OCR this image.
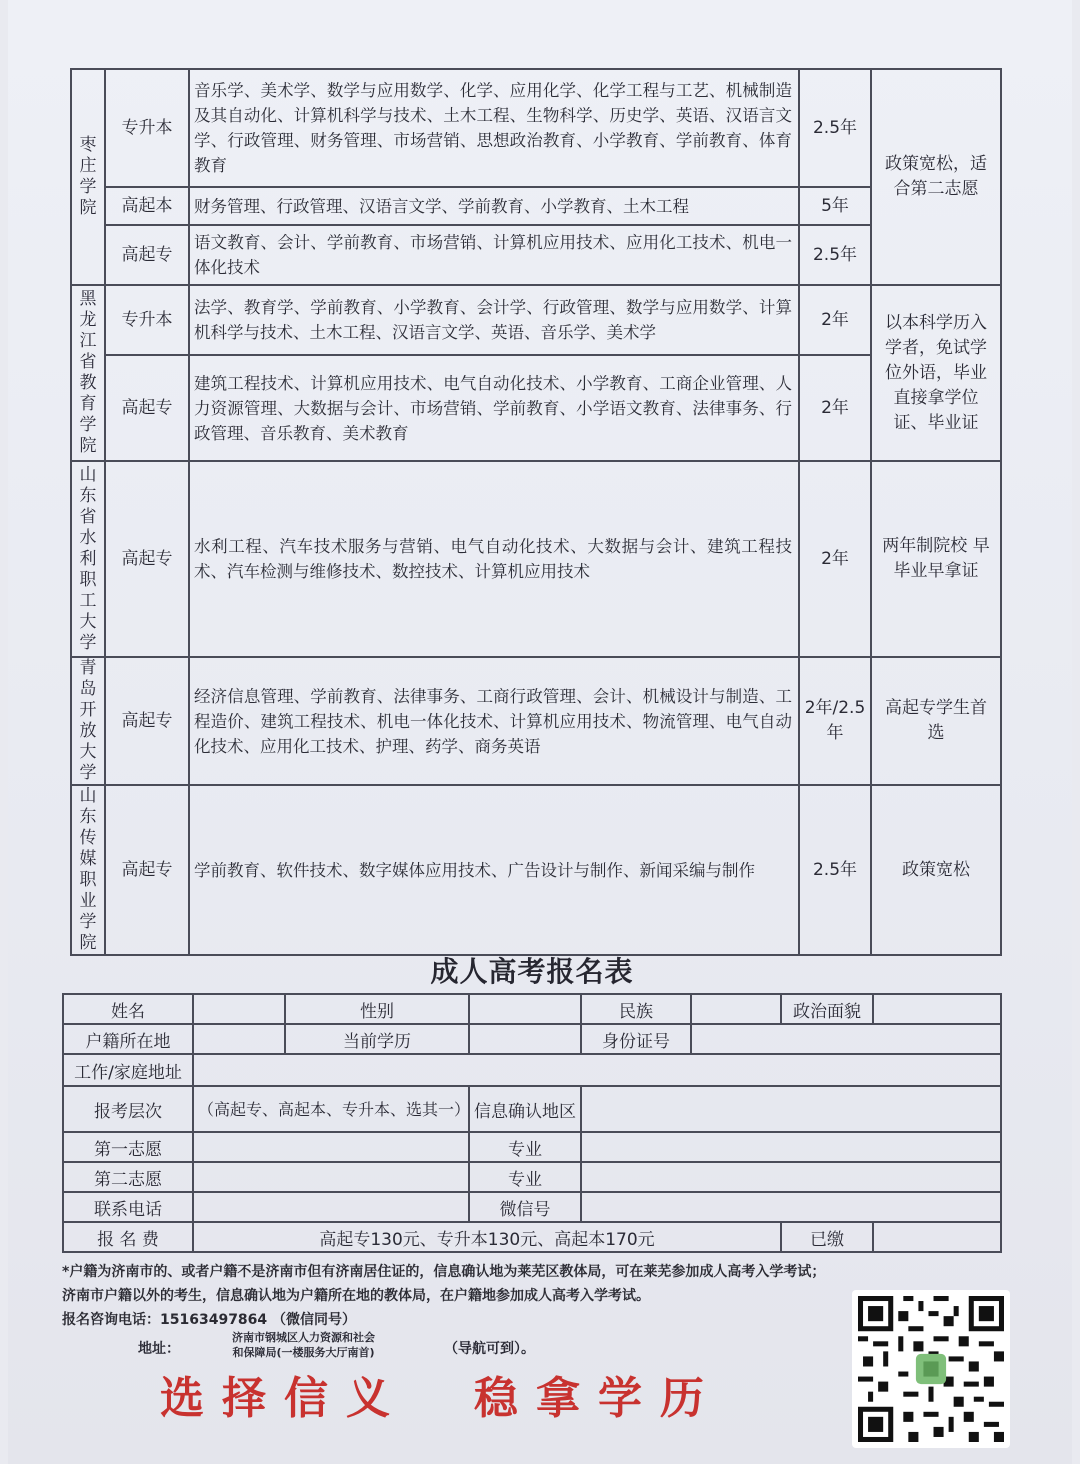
枣庄学院	专升本	音乐学、美术学、数学与应用数学、化学、应用化学、化学工程与工艺、机械制造及其自动化、计算机科学与技术、土木工程、生物科学、历史学、英语、汉语言文学、行政管理、财务管理、市场营销、思想政治教育、小学教育、学前教育、体育教育	2.5年	政策宽松，适合第二志愿
	高起本	财务管理、行政管理、汉语言文学、学前教育、小学教育、土木工程	5年	
	高起专	语文教育、会计、学前教育、市场营销、计算机应用技术、应用化工技术、机电一体化技术	2.5年	

黑龙江省教育学院	专升本	法学、教育学、学前教育、小学教育、会计学、行政管理、数学与应用数学、计算机科学与技术、土木工程、汉语言文学、英语、音乐学、美术学	2年	以本科学历入学者，免试学位外语，毕业直接拿学位证、毕业证
	高起专	建筑工程技术、计算机应用技术、电气自动化技术、小学教育、工商企业管理、人力资源管理、大数据与会计、市场营销、学前教育、小学语文教育、法律事务、行政管理、音乐教育、美术教育	2年	

山东省水利职工大学	高起专	水利工程、汽车技术服务与营销、电气自动化技术、大数据与会计、建筑工程技术、汽车检测与维修技术、数控技术、计算机应用技术	2年	两年制院校 早毕业早拿证

青岛开放大学	高起专	经济信息管理、学前教育、法律事务、工商行政管理、会计、机械设计与制造、工程造价、建筑工程技术、机电一体化技术、计算机应用技术、物流管理、电气自动化技术、应用化工技术、护理、药学、商务英语	2年/2.5年	高起专学生首选

山东传媒职业学院	高起专	学前教育、软件技术、数字媒体应用技术、广告设计与制作、新闻采编与制作	2.5年	政策宽松
成人高考报名表
姓名		性别		民族		政治面貌	
户籍所在地		当前学历		身份证号			
工作/家庭地址							
报考层次	（高起专、高起本、专升本、选其一）		信息确认地区				
第一志愿			专业				
第二志愿			专业				
联系电话			微信号				
报 名 费	高起专130元、专升本130元、高起本170元					已缴	
*户籍为济南市的、或者户籍不是济南市但有济南居住证的，信息确认地为莱芜区教体局，可在莱芜参加成人高考入学考试；
济南市户籍以外的考生，信息确认地为户籍所在地的教体局，在户籍地参加成人高考入学考试。
报名咨询电话：15163497864 （微信同号）
地址：
济南市钢城区人力资源和社会
和保障局(一楼服务大厅南首)	（导航可到）。
选择信义 稳拿学历
